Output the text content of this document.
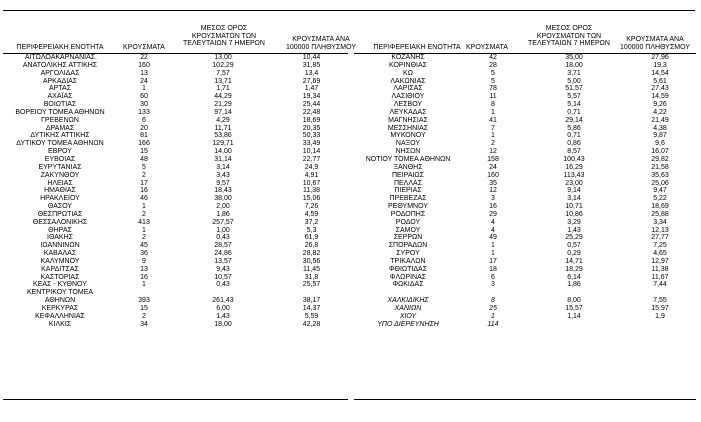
ΠΕΡΙΦΕΡΕΙΑΚΗ ΕΝΟΤΗΤΑ	ΚΡΟΥΣΜΑΤΑ
ΜΕΣΟΣ ΟΡΟΣ
ΚΡΟΥΣΜΑΤΩΝ ΤΩΝ
ΤΕΛΕΥΤΑΙΩΝ 7 ΗΜΕΡΩΝ
ΚΡΟΥΣΜΑΤΑ ΑΝΑ
100000 ΠΛΗΘΥΣΜΟΥ	ΠΕΡΙΦΕΡΕΙΑΚΗ ΕΝΟΤΗΤΑ ΚΡΟΥΣΜΑΤΑ
ΜΕΣΟΣ ΟΡΟΣ
ΚΡΟΥΣΜΑΤΩΝ ΤΩΝ
ΤΕΛΕΥΤΑΙΩΝ 7 ΗΜΕΡΩΝ
ΚΡΟΥΣΜΑΤΑ ΑΝΑ
100000 ΠΛΗΘΥΣΜΟΥ
ΑΙΤΩΛΟΑΚΑΡΝΑΝΙΑΣ	22	13,00	10,44
ΑΝΑΤΟΛΙΚΗΣ ΑΤΤΙΚΗΣ	160	102,29	31,85
ΑΡΓΟΛΙΔΑΣ	13	7,57	13,4
ΑΡΚΑΔΙΑΣ	24	13,71	27,69
ΑΡΤΑΣ	1	1,71	1,47
ΑΧΑΪΑΣ	60	44,29	19,34
ΒΟΙΩΤΙΑΣ	30	21,29	25,44
ΒΟΡΕΙΟΥ ΤΟΜΕΑ ΑΘΗΝΩΝ	133	97,14	22,48
ΓΡΕΒΕΝΩΝ	6	4,29	18,69
ΔΡΑΜΑΣ	20	11,71	20,35
ΔΥΤΙΚΗΣ ΑΤΤΙΚΗΣ	81	53,86	50,33
ΔΥΤΙΚΟΥ ΤΟΜΕΑ ΑΘΗΝΩΝ	166	129,71	33,49
ΕΒΡΟΥ	15	14,00	10,14
ΕΥΒΟΙΑΣ	48	31,14	22,77
ΕΥΡΥΤΑΝΙΑΣ	5	3,14	24,9
ΖΑΚΥΝΘΟΥ	2	3,43	4,91
ΗΛΕΙΑΣ	17	9,57	10,67
ΗΜΑΘΙΑΣ	16	18,43	11,38
ΗΡΑΚΛΕΙΟΥ	46	38,00	15,06
ΘΑΣΟΥ	1	2,00	7,26
ΘΕΣΠΡΩΤΙΑΣ	2	1,86	4,59
ΘΕΣΣΑΛΟΝΙΚΗΣ	413	257,57	37,2
ΘΗΡΑΣ	1	1,00	5,3
ΙΘΑΚΗΣ	2	0,43	61,9
ΙΩΑΝΝΙΝΩΝ	45	28,57	26,8
ΚΑΒΑΛΑΣ	36	24,86	28,82
ΚΑΛΥΜΝΟΥ	9	13,57	30,56
ΚΑΡΔΙΤΣΑΣ	13	9,43	11,45
ΚΑΣΤΟΡΙΑΣ	16	10,57	31,8
ΚΕΑΣ - ΚΥΘΝΟΥ	1	0,43	25,57
ΚΕΝΤΡΙΚΟΥ ΤΟΜΕΑ			
ΑΘΗΝΩΝ	393	261,43	38,17
ΚΕΡΚΥΡΑΣ	15	6,00	14,37
ΚΕΦΑΛΛΗΝΙΑΣ	2	1,43	5,59
ΚΙΛΚΙΣ	34	18,00	42,28
ΚΟΖΑΝΗΣ	42	35,00	27,96
ΚΟΡΙΝΘΙΑΣ	28	18,00	19,3
ΚΩ	5	3,71	14,54
ΛΑΚΩΝΙΑΣ	5	5,00	5,61
ΛΑΡΙΣΑΣ	78	51,57	27,43
ΛΑΣΙΘΙΟΥ	11	5,57	14,59
ΛΕΣΒΟΥ	8	5,14	9,26
ΛΕΥΚΑΔΑΣ	1	0,71	4,22
ΜΑΓΝΗΣΙΑΣ	41	29,14	21,49
ΜΕΣΣΗΝΙΑΣ	7	5,86	4,38
ΜΥΚΟΝΟΥ	1	0,71	9,87
ΝΑΞΟΥ	2	0,86	9,6
ΝΗΣΩΝ	12	8,57	16,07
ΝΟΤΙΟΥ ΤΟΜΕΑ ΑΘΗΝΩΝ	158	100,43	29,82
ΞΑΝΘΗΣ	24	16,29	21,58
ΠΕΙΡΑΙΩΣ	160	113,43	35,63
ΠΕΛΛΑΣ	35	23,00	25,06
ΠΙΕΡΙΑΣ	12	9,14	9,47
ΠΡΕΒΕΖΑΣ	3	3,14	5,22
ΡΕΘΥΜΝΟΥ	16	10,71	18,69
ΡΟΔΟΠΗΣ	29	10,86	25,88
ΡΟΔΟΥ	4	3,29	3,34
ΣΑΜΟΥ	4	1,43	12,13
ΣΕΡΡΩΝ	49	25,29	27,77
ΣΠΟΡΑΔΩΝ	1	0,57	7,25
ΣΥΡΟΥ	1	0,29	4,65
ΤΡΙΚΑΛΩΝ	17	14,71	12,97
ΦΘΙΩΤΙΔΑΣ	18	18,29	11,38
ΦΛΩΡΙΝΑΣ	6	6,14	11,67
ΦΩΚΙΔΑΣ	3	1,86	7,44

ΧΑΛΚΙΔΙΚΗΣ	8	8,00	7,55
ΧΑΝΙΩΝ	25	15,57	15,97
ΧΙΟΥ	1	1,14	1,9
ΥΠΟ ΔΙΕΡΕΥΝΗΣΗ	114		
